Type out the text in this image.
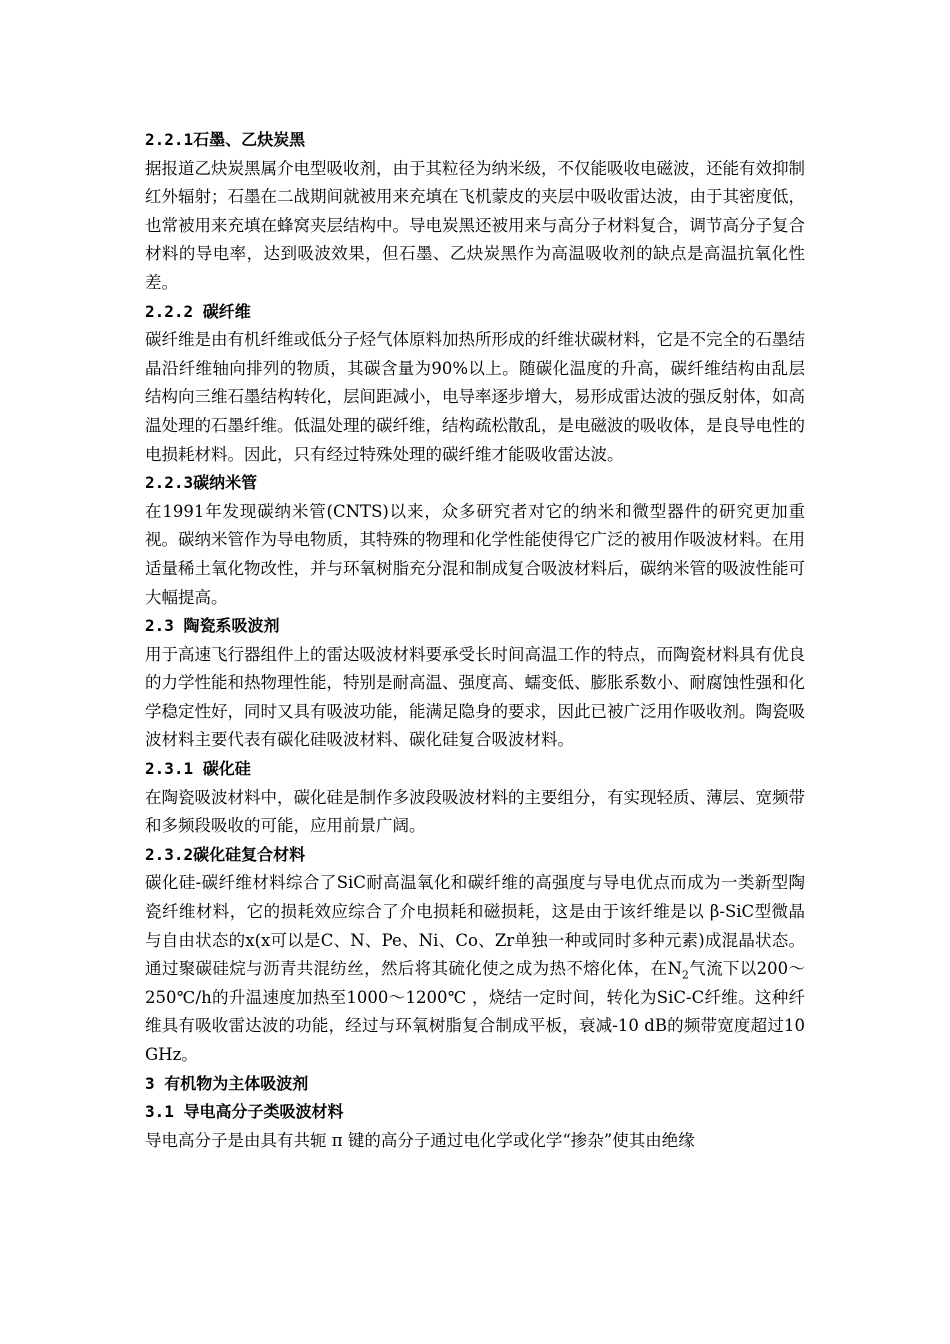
2.2.1石墨、乙炔炭黑

据报道乙炔炭黑属介电型吸收剂，由于其粒径为纳米级，不仅能吸收电磁波，还能有效抑制红外辐射；石墨在二战期间就被用来充填在飞机蒙皮的夹层中吸收雷达波，由于其密度低，也常被用来充填在蜂窝夹层结构中。导电炭黑还被用来与高分子材料复合，调节高分子复合材料的导电率，达到吸波效果，但石墨、乙炔炭黑作为高温吸收剂的缺点是高温抗氧化性差。

2.2.2 碳纤维

碳纤维是由有机纤维或低分子烃气体原料加热所形成的纤维状碳材料，它是不完全的石墨结晶沿纤维轴向排列的物质，其碳含量为90%以上。随碳化温度的升高，碳纤维结构由乱层结构向三维石墨结构转化，层间距减小，电导率逐步增大，易形成雷达波的强反射体，如高温处理的石墨纤维。低温处理的碳纤维，结构疏松散乱，是电磁波的吸收体，是良导电性的电损耗材料。因此，只有经过特殊处理的碳纤维才能吸收雷达波。

2.2.3碳纳米管

在1991年发现碳纳米管(CNTS)以来，众多研究者对它的纳米和微型器件的研究更加重视。碳纳米管作为导电物质，其特殊的物理和化学性能使得它广泛的被用作吸波材料。在用适量稀土氧化物改性，并与环氧树脂充分混和制成复合吸波材料后，碳纳米管的吸波性能可大幅提高。

2.3 陶瓷系吸波剂

用于高速飞行器组件上的雷达吸波材料要承受长时间高温工作的特点，而陶瓷材料具有优良的力学性能和热物理性能，特别是耐高温、强度高、蠕变低、膨胀系数小、耐腐蚀性强和化学稳定性好，同时又具有吸波功能，能满足隐身的要求，因此已被广泛用作吸收剂。陶瓷吸波材料主要代表有碳化硅吸波材料、碳化硅复合吸波材料。

2.3.1 碳化硅

在陶瓷吸波材料中，碳化硅是制作多波段吸波材料的主要组分，有实现轻质、薄层、宽频带和多频段吸收的可能，应用前景广阔。

2.3.2碳化硅复合材料

碳化硅-碳纤维材料综合了SiC耐高温氧化和碳纤维的高强度与导电优点而成为一类新型陶瓷纤维材料，它的损耗效应综合了介电损耗和磁损耗，这是由于该纤维是以 β-SiC型微晶与自由状态的x(x可以是C、N、Pe、Ni、Co、Zr单独一种或同时多种元素)成混晶状态。通过聚碳硅烷与沥青共混纺丝，然后将其硫化使之成为热不熔化体，在$N_2$气流下以200～250℃/h的升温速度加热至1000～1200℃ ，烧结一定时间，转化为SiC-C纤维。这种纤维具有吸收雷达波的功能，经过与环氧树脂复合制成平板，衰减-10 dB的频带宽度超过10 GHz。

3 有机物为主体吸波剂
3.1 导电高分子类吸波材料

导电高分子是由具有共轭 π 键的高分子通过电化学或化学“掺杂”使其由绝缘
